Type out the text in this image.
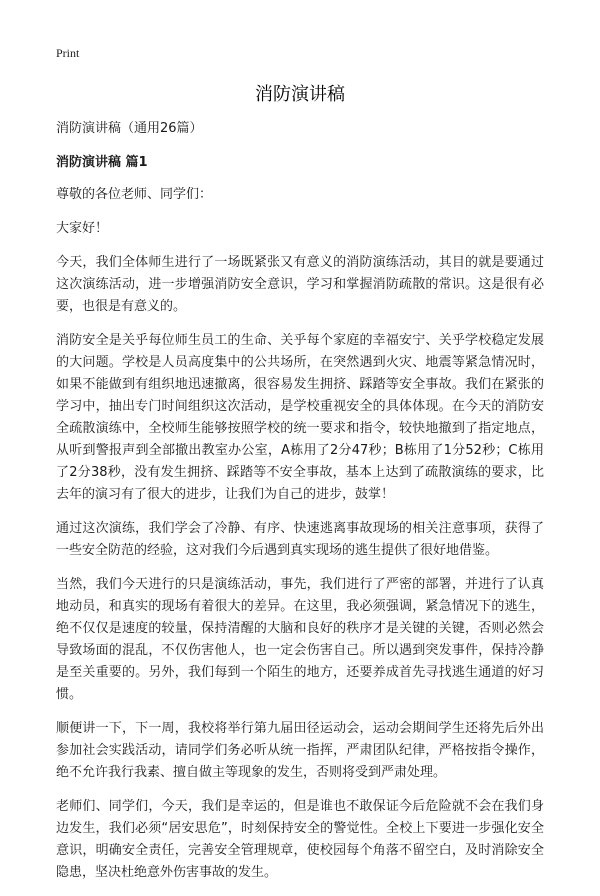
Print
消防演讲稿

消防演讲稿（通用26篇）

消防演讲稿 篇1

尊敬的各位老师、同学们：

大家好！

今天，我们全体师生进行了一场既紧张又有意义的消防演练活动，其目的就是要通过这次演练活动，进一步增强消防安全意识，学习和掌握消防疏散的常识。这是很有必要，也很是有意义的。

消防安全是关乎每位师生员工的生命、关乎每个家庭的幸福安宁、关乎学校稳定发展的大问题。学校是人员高度集中的公共场所，在突然遇到火灾、地震等紧急情况时，如果不能做到有组织地迅速撤离，很容易发生拥挤、踩踏等安全事故。我们在紧张的学习中，抽出专门时间组织这次活动，是学校重视安全的具体体现。在今天的消防安全疏散演练中，全校师生能够按照学校的统一要求和指令，较快地撤到了指定地点，从听到警报声到全部撤出教室办公室，A栋用了2分47秒；B栋用了1分52秒；C栋用了2分38秒，没有发生拥挤、踩踏等不安全事故，基本上达到了疏散演练的要求，比去年的演习有了很大的进步，让我们为自己的进步，鼓掌！

通过这次演练，我们学会了冷静、有序、快速逃离事故现场的相关注意事项，获得了一些安全防范的经验，这对我们今后遇到真实现场的逃生提供了很好地借鉴。

当然，我们今天进行的只是演练活动，事先，我们进行了严密的部署，并进行了认真地动员，和真实的现场有着很大的差异。在这里，我必须强调，紧急情况下的逃生，绝不仅仅是速度的较量，保持清醒的大脑和良好的秩序才是关键的关键，否则必然会导致场面的混乱，不仅伤害他人，也一定会伤害自己。所以遇到突发事件，保持冷静是至关重要的。另外，我们每到一个陌生的地方，还要养成首先寻找逃生通道的好习惯。

顺便讲一下，下一周，我校将举行第九届田径运动会，运动会期间学生还将先后外出参加社会实践活动，请同学们务必听从统一指挥，严肃团队纪律，严格按指令操作，绝不允许我行我素、擅自做主等现象的发生，否则将受到严肃处理。

老师们、同学们，今天，我们是幸运的，但是谁也不敢保证今后危险就不会在我们身边发生，我们必须“居安思危”，时刻保持安全的警觉性。全校上下要进一步强化安全意识，明确安全责任，完善安全管理规章，使校园每个角落不留空白，及时消除安全隐患，坚决杜绝意外伤害事故的发生。
